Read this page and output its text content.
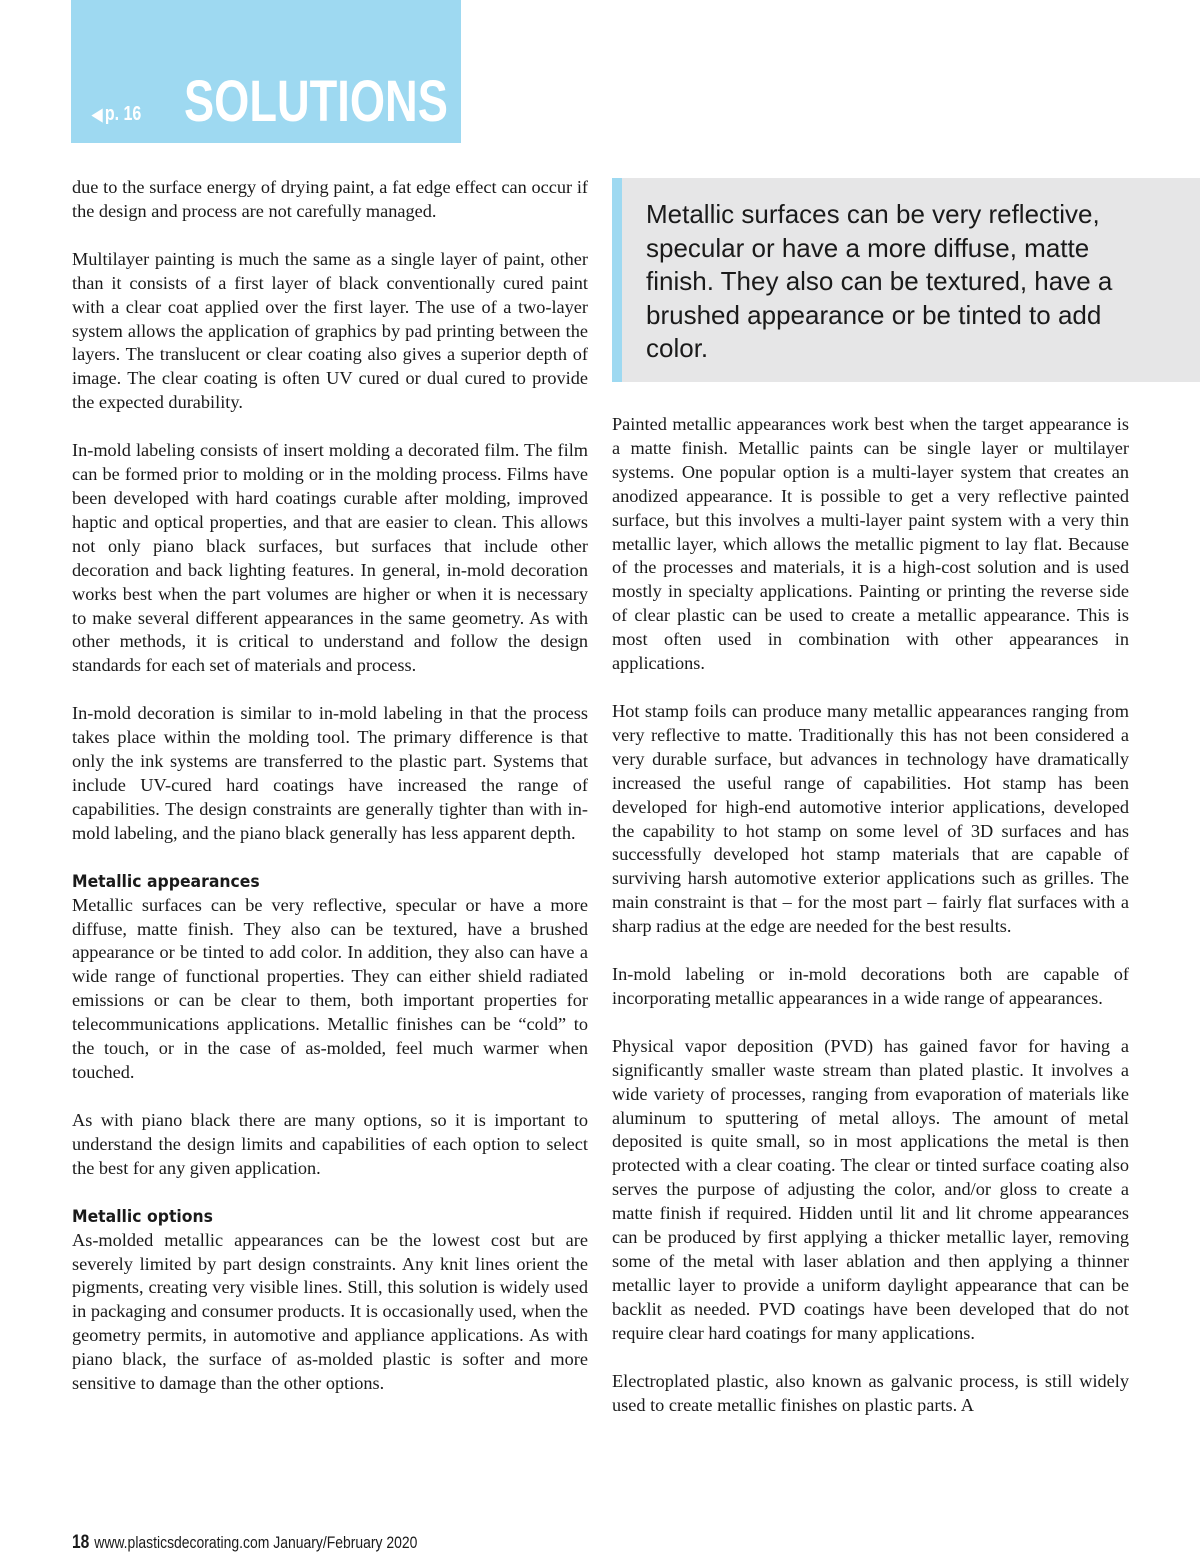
◀ p. 16 SOLUTIONS

due to the surface energy of drying paint, a fat edge effect can occur if the design and process are not carefully managed.

Multilayer painting is much the same as a single layer of paint, other than it consists of a first layer of black conventionally cured paint with a clear coat applied over the first layer. The use of a two-layer system allows the application of graphics by pad printing between the layers. The translucent or clear coating also gives a superior depth of image. The clear coating is often UV cured or dual cured to provide the expected durability.

In-mold labeling consists of insert molding a decorated film. The film can be formed prior to molding or in the molding process. Films have been developed with hard coatings curable after molding, improved haptic and optical properties, and that are easier to clean. This allows not only piano black surfaces, but surfaces that include other decoration and back lighting features. In general, in-mold decoration works best when the part volumes are higher or when it is necessary to make several different appearances in the same geometry. As with other methods, it is critical to understand and follow the design standards for each set of materials and process.

In-mold decoration is similar to in-mold labeling in that the process takes place within the molding tool. The primary difference is that only the ink systems are transferred to the plastic part. Systems that include UV-cured hard coatings have increased the range of capabilities. The design constraints are generally tighter than with in-mold labeling, and the piano black generally has less apparent depth.

Metallic appearances

Metallic surfaces can be very reflective, specular or have a more diffuse, matte finish. They also can be textured, have a brushed appearance or be tinted to add color. In addition, they also can have a wide range of functional properties. They can either shield radiated emissions or can be clear to them, both important properties for telecommunications applications. Metallic finishes can be “cold” to the touch, or in the case of as-molded, feel much warmer when touched.

As with piano black there are many options, so it is important to understand the design limits and capabilities of each option to select the best for any given application.

Metallic options

As-molded metallic appearances can be the lowest cost but are severely limited by part design constraints. Any knit lines orient the pigments, creating very visible lines. Still, this solution is widely used in packaging and consumer products. It is occasionally used, when the geometry permits, in automotive and appliance applications. As with piano black, the surface of as-molded plastic is softer and more sensitive to damage than the other options.

Metallic surfaces can be very reflective, specular or have a more diffuse, matte finish. They also can be textured, have a brushed appearance or be tinted to add color.

Painted metallic appearances work best when the target appearance is a matte finish. Metallic paints can be single layer or multilayer systems. One popular option is a multi-layer system that creates an anodized appearance. It is possible to get a very reflective painted surface, but this involves a multi-layer paint system with a very thin metallic layer, which allows the metallic pigment to lay flat. Because of the processes and materials, it is a high-cost solution and is used mostly in specialty applications. Painting or printing the reverse side of clear plastic can be used to create a metallic appearance. This is most often used in combination with other appearances in applications.

Hot stamp foils can produce many metallic appearances ranging from very reflective to matte. Traditionally this has not been considered a very durable surface, but advances in technology have dramatically increased the useful range of capabilities. Hot stamp has been developed for high-end automotive interior applications, developed the capability to hot stamp on some level of 3D surfaces and has successfully developed hot stamp materials that are capable of surviving harsh automotive exterior applications such as grilles. The main constraint is that – for the most part – fairly flat surfaces with a sharp radius at the edge are needed for the best results.

In-mold labeling or in-mold decorations both are capable of incorporating metallic appearances in a wide range of appearances.

Physical vapor deposition (PVD) has gained favor for having a significantly smaller waste stream than plated plastic. It involves a wide variety of processes, ranging from evaporation of materials like aluminum to sputtering of metal alloys. The amount of metal deposited is quite small, so in most applications the metal is then protected with a clear coating. The clear or tinted surface coating also serves the purpose of adjusting the color, and/or gloss to create a matte finish if required. Hidden until lit and lit chrome appearances can be produced by first applying a thicker metallic layer, removing some of the metal with laser ablation and then applying a thinner metallic layer to provide a uniform daylight appearance that can be backlit as needed. PVD coatings have been developed that do not require clear hard coatings for many applications.

Electroplated plastic, also known as galvanic process, is still widely used to create metallic finishes on plastic parts. A

18 www.plasticsdecorating.com January/February 2020
